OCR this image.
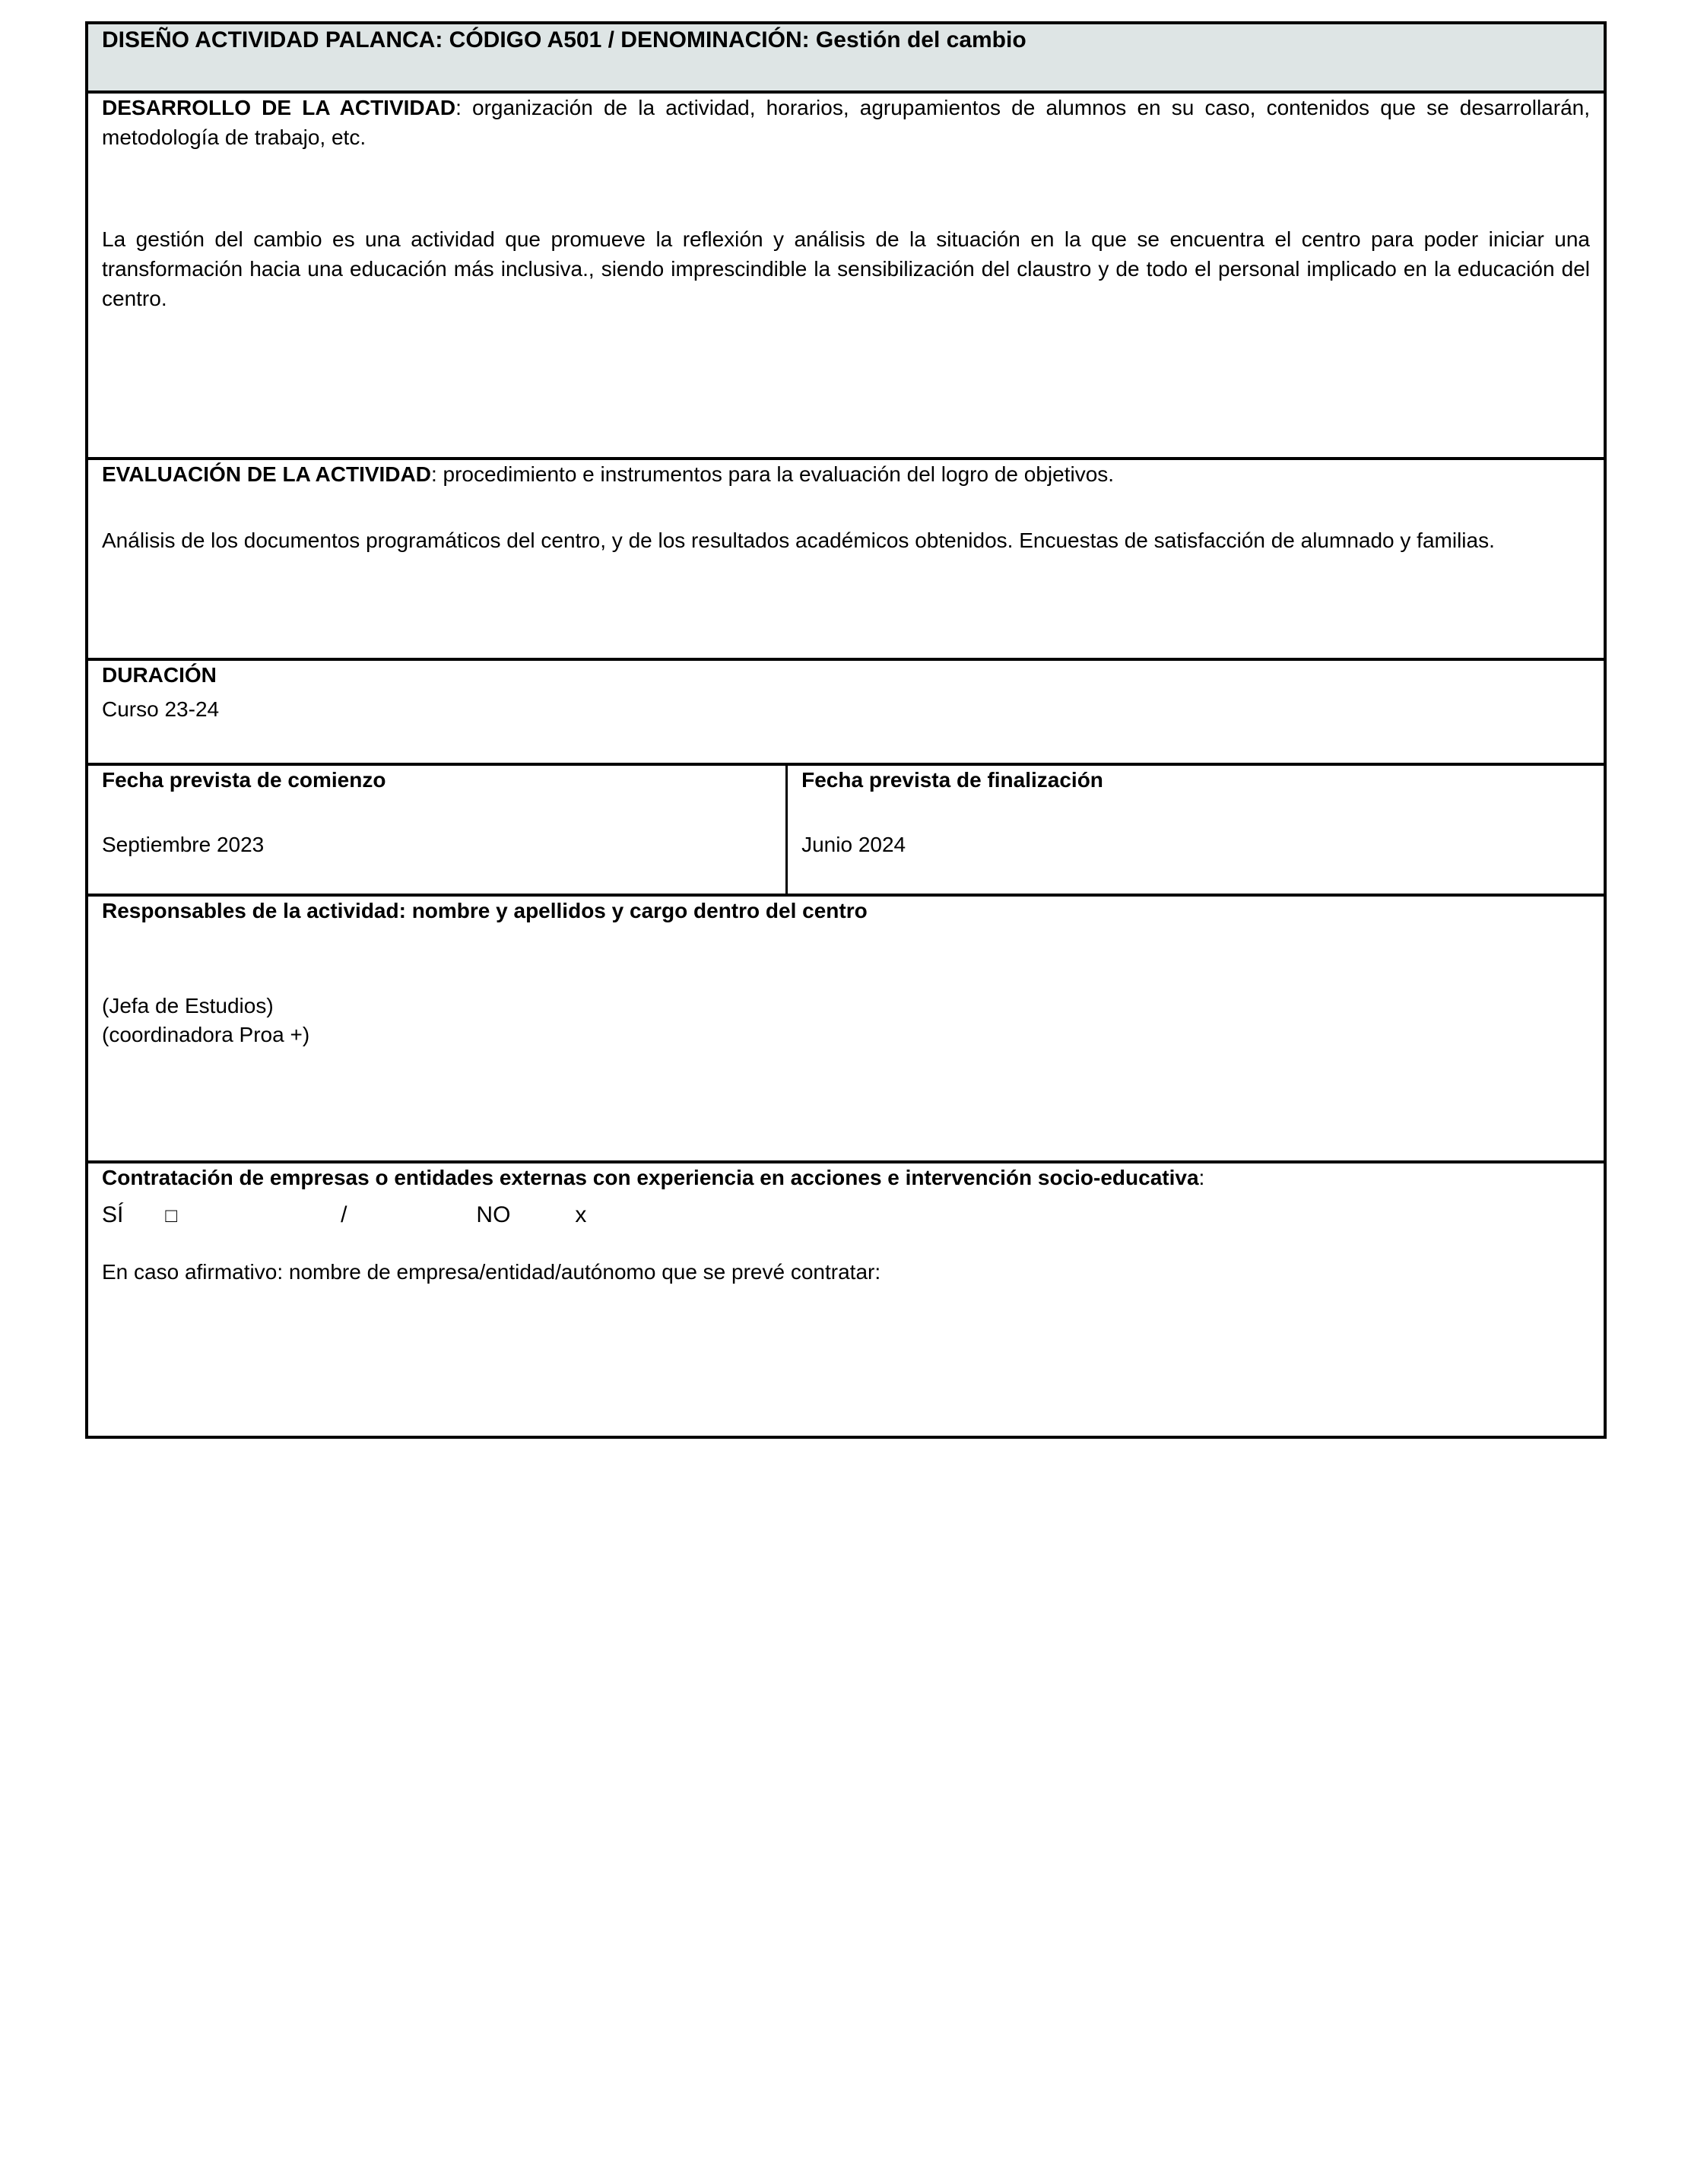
DISEÑO ACTIVIDAD PALANCA: CÓDIGO A501 / DENOMINACIÓN: Gestión del cambio

DESARROLLO DE LA ACTIVIDAD: organización de la actividad, horarios, agrupamientos de alumnos en su caso, contenidos que se desarrollarán, metodología de trabajo, etc.

La gestión del cambio es una actividad que promueve la reflexión y análisis de la situación en la que se encuentra el centro para poder iniciar una transformación hacia una educación más inclusiva., siendo imprescindible la sensibilización del claustro y de todo el personal implicado en la educación del centro.

EVALUACIÓN DE LA ACTIVIDAD: procedimiento e instrumentos para la evaluación del logro de objetivos.

Análisis de los documentos programáticos del centro, y de los resultados académicos obtenidos. Encuestas de satisfacción de alumnado y familias.

DURACIÓN

Curso 23-24

Fecha prevista de comienzo

Septiembre 2023

Fecha prevista de finalización

Junio 2024

Responsables de la actividad: nombre y apellidos y cargo dentro del centro

(Jefa de Estudios)

(coordinadora Proa +)

Contratación de empresas o entidades externas con experiencia en acciones e intervención socio-educativa:

SÍ □	/	NO	x

En caso afirmativo: nombre de empresa/entidad/autónomo que se prevé contratar:
